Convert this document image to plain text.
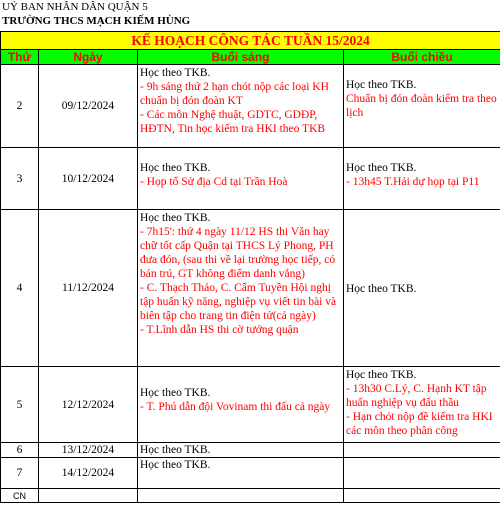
UỶ BAN NHÂN DÂN QUẬN 5
TRƯỜNG THCS MẠCH KIẾM HÙNG
KẾ HOẠCH CÔNG TÁC TUẦN 15/2024			
Thứ	Ngày	Buổi sáng	Buổi chiều
2	09/12/2024	Học theo TKB.
- 9h sáng thứ 2 hạn chót nộp các loại KH chuẩn bị đón đoàn KT
- Các môn Nghệ thuật, GDTC, GDĐP, HĐTN, Tin học kiểm tra HKI theo TKB	Học theo TKB.
Chuẩn bị đón đoàn kiểm tra theo lịch

3	10/12/2024	Học theo TKB.
- Họp tổ Sử địa Cd tại Trần Hoà	Học theo TKB.
- 13h45 T.Hải dự họp tại P11

4	11/12/2024	Học theo TKB.
- 7h15': thứ 4 ngày 11/12 HS thi Văn hay chữ tốt cấp Quận tại THCS Lý Phong, PH đưa đón, (sau thi về lại trường học tiếp, có bán trú, GT không điểm danh vắng)
- C. Thạch Thảo, C. Cẩm Tuyền Hội nghị tập huấn kỹ năng, nghiệp vụ viết tin bài và biên tập cho trang tin điện tử(cả ngày)
- T.Lĩnh dẫn HS thi cờ tướng quận	Học theo TKB.

5	12/12/2024	Học theo TKB.
- T. Phú dẫn đội Vovinam thi đấu cả ngày	Học theo TKB.
- 13h30 C.Lý, C. Hạnh KT tập huấn nghiệp vụ đấu thầu
- Hạn chót nộp đề kiểm tra HKI các môn theo phân công

6	13/12/2024	Học theo TKB.	

7	14/12/2024	Học theo TKB.	

CN			
